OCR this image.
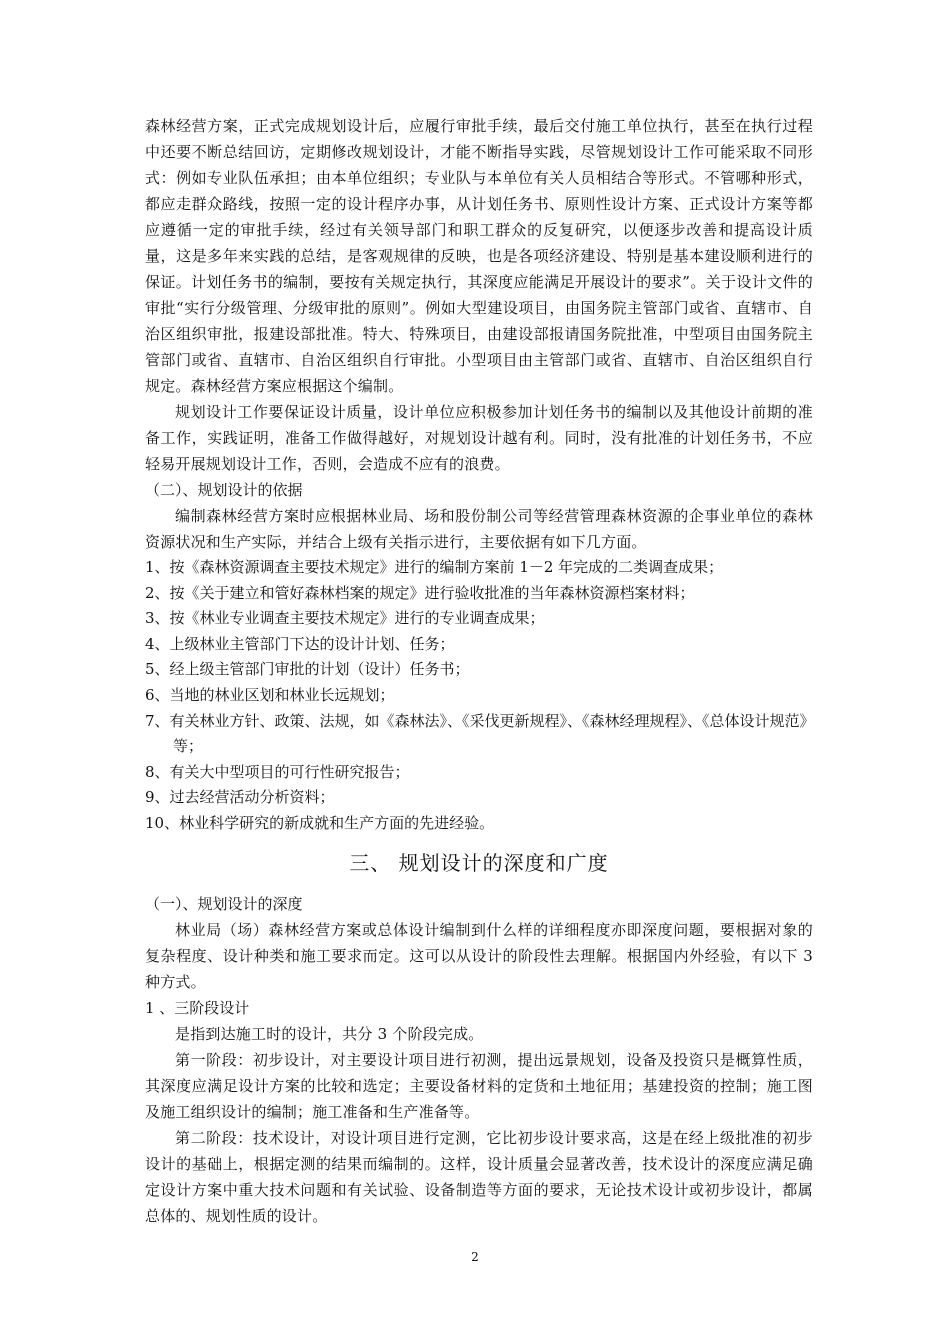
森林经营方案，正式完成规划设计后，应履行审批手续，最后交付施工单位执行，甚至在执行过程中还要不断总结回访，定期修改规划设计，才能不断指导实践，尽管规划设计工作可能采取不同形式：例如专业队伍承担；由本单位组织；专业队与本单位有关人员相结合等形式。不管哪种形式，都应走群众路线，按照一定的设计程序办事，从计划任务书、原则性设计方案、正式设计方案等都应遵循一定的审批手续，经过有关领导部门和职工群众的反复研究，以便逐步改善和提高设计质量，这是多年来实践的总结，是客观规律的反映，也是各项经济建设、特别是基本建设顺利进行的保证。计划任务书的编制，要按有关规定执行，其深度应能满足开展设计的要求”。关于设计文件的审批“实行分级管理、分级审批的原则”。例如大型建设项目，由国务院主管部门或省、直辖市、自治区组织审批，报建设部批准。特大、特殊项目，由建设部报请国务院批准，中型项目由国务院主管部门或省、直辖市、自治区组织自行审批。小型项目由主管部门或省、直辖市、自治区组织自行规定。森林经营方案应根据这个编制。

规划设计工作要保证设计质量，设计单位应积极参加计划任务书的编制以及其他设计前期的准备工作，实践证明，准备工作做得越好，对规划设计越有利。同时，没有批准的计划任务书，不应轻易开展规划设计工作，否则，会造成不应有的浪费。

（二）、规划设计的依据

编制森林经营方案时应根据林业局、场和股份制公司等经营管理森林资源的企事业单位的森林资源状况和生产实际，并结合上级有关指示进行，主要依据有如下几方面。

1、按《森林资源调查主要技术规定》进行的编制方案前 1－2 年完成的二类调查成果；

2、按《关于建立和管好森林档案的规定》进行验收批准的当年森林资源档案材料；

3、按《林业专业调查主要技术规定》进行的专业调查成果；

4、上级林业主管部门下达的设计计划、任务；

5、经上级主管部门审批的计划（设计）任务书；

6、当地的林业区划和林业长远规划；

7、有关林业方针、政策、法规，如《森林法》、《采伐更新规程》、《森林经理规程》、《总体设计规范》等；

8、有关大中型项目的可行性研究报告；

9、过去经营活动分析资料；

10、林业科学研究的新成就和生产方面的先进经验。

三、 规划设计的深度和广度

（一）、规划设计的深度

林业局（场）森林经营方案或总体设计编制到什么样的详细程度亦即深度问题，要根据对象的复杂程度、设计种类和施工要求而定。这可以从设计的阶段性去理解。根据国内外经验，有以下 3 种方式。

1 、三阶段设计

是指到达施工时的设计，共分 3 个阶段完成。

第一阶段：初步设计，对主要设计项目进行初测，提出远景规划，设备及投资只是概算性质，其深度应满足设计方案的比较和选定；主要设备材料的定货和土地征用；基建投资的控制；施工图及施工组织设计的编制；施工准备和生产准备等。

第二阶段：技术设计，对设计项目进行定测，它比初步设计要求高，这是在经上级批准的初步设计的基础上，根据定测的结果而编制的。这样，设计质量会显著改善，技术设计的深度应满足确定设计方案中重大技术问题和有关试验、设备制造等方面的要求，无论技术设计或初步设计，都属总体的、规划性质的设计。

2
